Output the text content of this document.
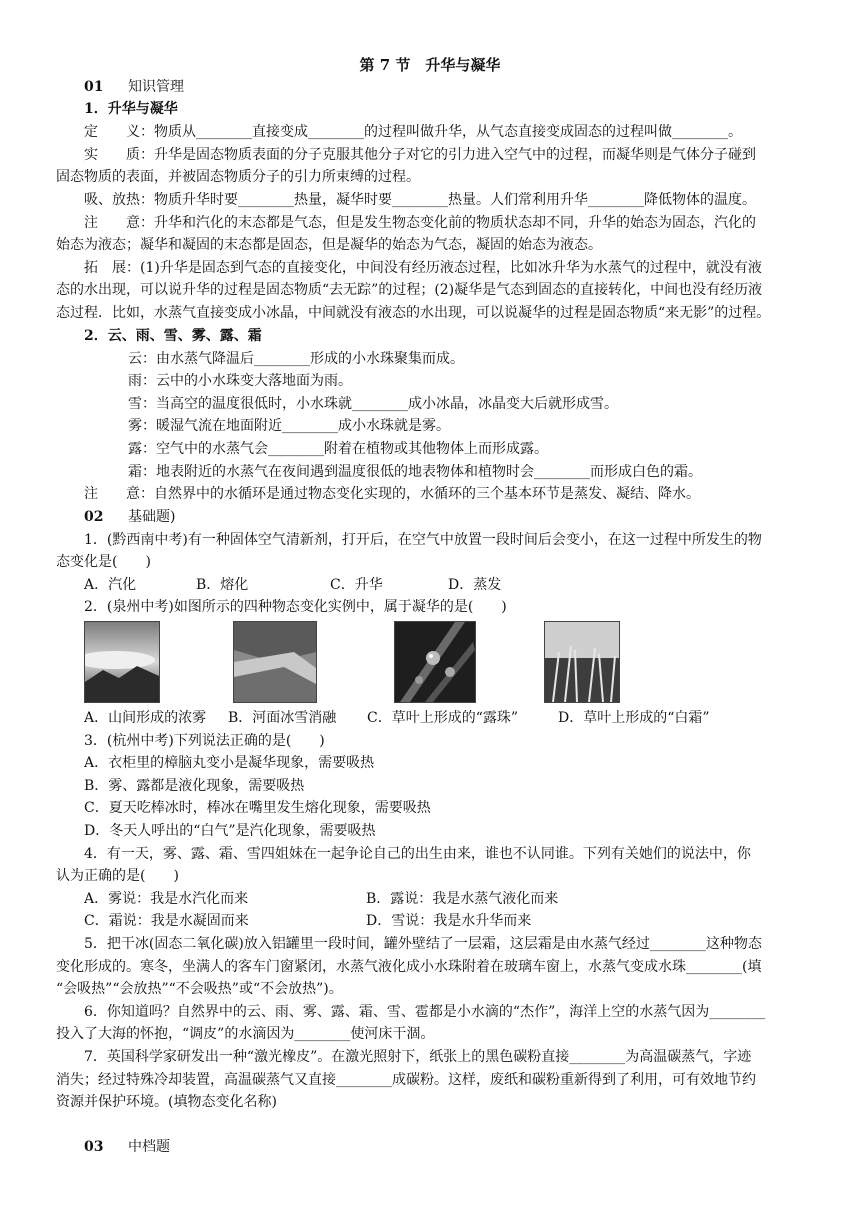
第 7 节　升华与凝华
01 知识管理
1．升华与凝华
定　　义：物质从________直接变成________的过程叫做升华，从气态直接变成固态的过程叫做________。
实　　质：升华是固态物质表面的分子克服其他分子对它的引力进入空气中的过程，而凝华则是气体分子碰到
固态物质的表面，并被固态物质分子的引力所束缚的过程。
吸、放热：物质升华时要________热量，凝华时要________热量。人们常利用升华________降低物体的温度。
注　　意：升华和汽化的末态都是气态，但是发生物态变化前的物质状态却不同，升华的始态为固态，汽化的
始态为液态；凝华和凝固的末态都是固态，但是凝华的始态为气态，凝固的始态为液态。
拓　展：(1)升华是固态到气态的直接变化，中间没有经历液态过程，比如冰升华为水蒸气的过程中，就没有液
态的水出现，可以说升华的过程是固态物质“去无踪”的过程；(2)凝华是气态到固态的直接转化，中间也没有经历液
态过程．比如，水蒸气直接变成小冰晶，中间就没有液态的水出现，可以说凝华的过程是固态物质“来无影”的过程。
2．云、雨、雪、雾、露、霜
云：由水蒸气降温后________形成的小水珠聚集而成。
雨：云中的小水珠变大落地面为雨。
雪：当高空的温度很低时，小水珠就________成小冰晶，冰晶变大后就形成雪。
雾：暖湿气流在地面附近________成小水珠就是雾。
露：空气中的水蒸气会________附着在植物或其他物体上而形成露。
霜：地表附近的水蒸气在夜间遇到温度很低的地表物体和植物时会________而形成白色的霜。
注　　意：自然界中的水循环是通过物态变化实现的，水循环的三个基本环节是蒸发、凝结、降水。
02 基础题)
1．(黔西南中考)有一种固体空气清新剂，打开后，在空气中放置一段时间后会变小，在这一过程中所发生的物
态变化是(　　)
A．汽化	B．熔化	C．升华	D．蒸发
2．(泉州中考)如图所示的四种物态变化实例中，属于凝华的是(　　)
A．山间形成的浓雾 B．河面冰雪消融 C．草叶上形成的“露珠”	D．草叶上形成的“白霜”
3．(杭州中考)下列说法正确的是(　　)
A．衣柜里的樟脑丸变小是凝华现象，需要吸热
B．雾、露都是液化现象，需要吸热
C．夏天吃棒冰时，棒冰在嘴里发生熔化现象，需要吸热
D．冬天人呼出的“白气”是汽化现象，需要吸热
4．有一天，雾、露、霜、雪四姐妹在一起争论自己的出生由来，谁也不认同谁。下列有关她们的说法中，你
认为正确的是(　　)
A．雾说：我是水汽化而来	B．露说：我是水蒸气液化而来
C．霜说：我是水凝固而来	D．雪说：我是水升华而来
5．把干冰(固态二氧化碳)放入铝罐里一段时间，罐外壁结了一层霜，这层霜是由水蒸气经过________这种物态
变化形成的。寒冬，坐满人的客车门窗紧闭，水蒸气液化成小水珠附着在玻璃车窗上，水蒸气变成水珠________(填
“会吸热”“会放热”“不会吸热”或“不会放热”)。
6．你知道吗？自然界中的云、雨、雾、露、霜、雪、雹都是小水滴的“杰作”，海洋上空的水蒸气因为________
投入了大海的怀抱，“调皮”的水滴因为________使河床干涸。
7．英国科学家研发出一种“激光橡皮”。在激光照射下，纸张上的黑色碳粉直接________为高温碳蒸气，字迹
消失；经过特殊冷却装置，高温碳蒸气又直接________成碳粉。这样，废纸和碳粉重新得到了利用，可有效地节约
资源并保护环境。(填物态变化名称)
03 中档题
